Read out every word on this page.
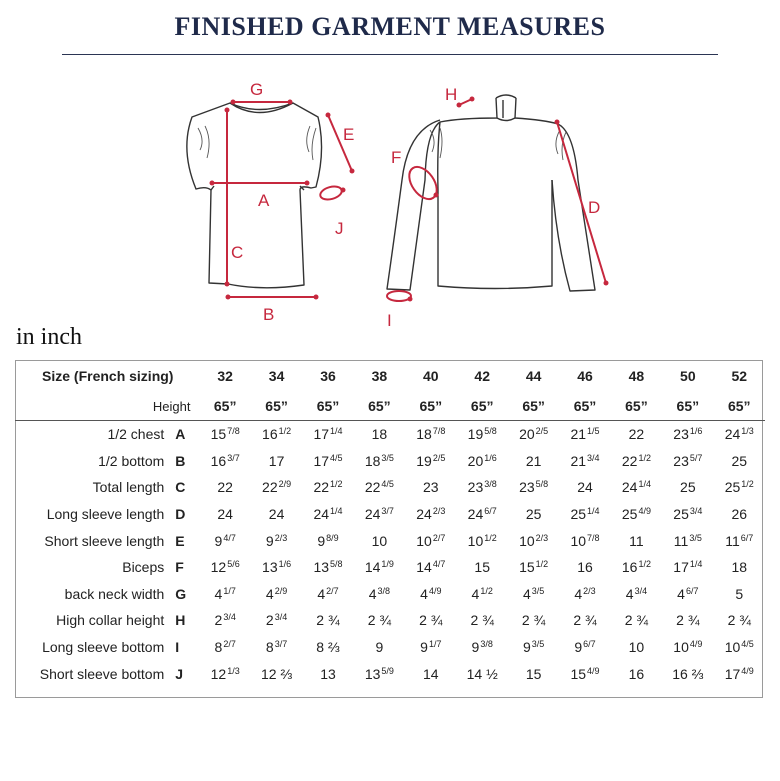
FINISHED GARMENT MEASURES
G
A
C
B
E
J
H
F
D
I
in inch
Size (French sizing)		32	34	36	38	40	42	44	46	48	50	52
Height		65”	65”	65”	65”	65”	65”	65”	65”	65”	65”	65”
1/2 chest	A	$15^{7/8}$	$16^{1/2}$	$17^{1/4}$	18	$18^{7/8}$	$19^{5/8}$	$20^{2/5}$	$21^{1/5}$	22	$23^{1/6}$	$24^{1/3}$
1/2 bottom	B	$16^{3/7}$	17	$17^{4/5}$	$18^{3/5}$	$19^{2/5}$	$20^{1/6}$	21	$21^{3/4}$	$22^{1/2}$	$23^{5/7}$	25
Total length	C	22	$22^{2/9}$	$22^{1/2}$	$22^{4/5}$	23	$23^{3/8}$	$23^{5/8}$	24	$24^{1/4}$	25	$25^{1/2}$
Long sleeve length	D	24	24	$24^{1/4}$	$24^{3/7}$	$24^{2/3}$	$24^{6/7}$	25	$25^{1/4}$	$25^{4/9}$	$25^{3/4}$	26
Short sleeve length	E	$9^{4/7}$	$9^{2/3}$	$9^{8/9}$	10	$10^{2/7}$	$10^{1/2}$	$10^{2/3}$	$10^{7/8}$	11	$11^{3/5}$	$11^{6/7}$
Biceps	F	$12^{5/6}$	$13^{1/6}$	$13^{5/8}$	$14^{1/9}$	$14^{4/7}$	15	$15^{1/2}$	16	$16^{1/2}$	$17^{1/4}$	18
back neck width	G	$4^{1/7}$	$4^{2/9}$	$4^{2/7}$	$4^{3/8}$	$4^{4/9}$	$4^{1/2}$	$4^{3/5}$	$4^{2/3}$	$4^{3/4}$	$4^{6/7}$	5
High collar height	H	$2^{3/4}$	$2^{3/4}$	2 ¾	2 ¾	2 ¾	2 ¾	2 ¾	2 ¾	2 ¾	2 ¾	2 ¾
Long sleeve bottom	I	$8^{2/7}$	$8^{3/7}$	8 ⅔	9	$9^{1/7}$	$9^{3/8}$	$9^{3/5}$	$9^{6/7}$	10	$10^{4/9}$	$10^{4/5}$
Short sleeve bottom	J	$12^{1/3}$	12 ⅔	13	$13^{5/9}$	14	14 ½	15	$15^{4/9}$	16	16 ⅔	$17^{4/9}$
